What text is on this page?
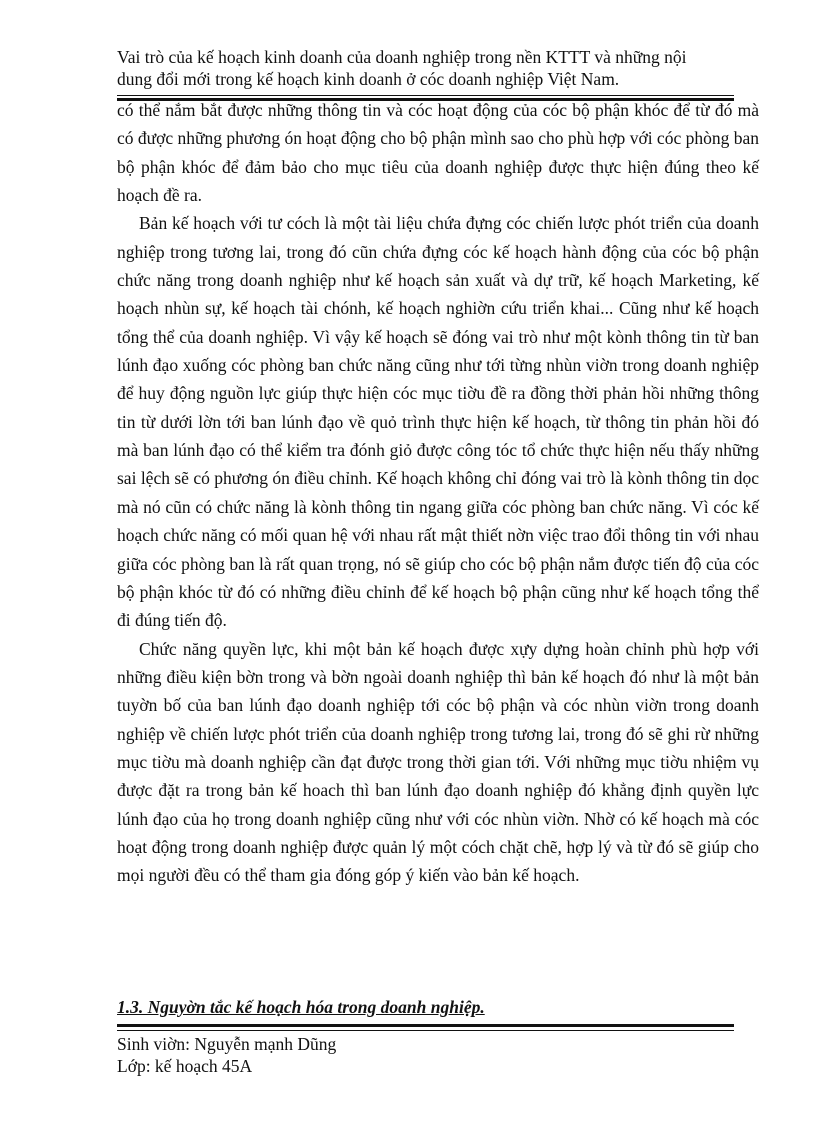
Vai trò của kế hoạch kinh doanh của doanh nghiệp trong nền KTTT và những nội
dung đổi mới trong kế hoạch kinh doanh ở cóc doanh nghiệp Việt Nam.

có thể nắm bắt được những thông tin và cóc hoạt động của cóc bộ phận khóc để từ đó mà có được những phương ón hoạt động cho bộ phận mình sao cho phù hợp với cóc phòng ban bộ phận khóc để đảm bảo cho mục tiêu của doanh nghiệp được thực hiện đúng theo kế hoạch đề ra.

Bản kế hoạch với tư cóch là một tài liệu chứa đựng cóc chiến lược phót triển của doanh nghiệp trong tương lai, trong đó cũn chứa đựng cóc kế hoạch hành động của cóc bộ phận chức năng trong doanh nghiệp như kế hoạch sản xuất và dự trữ, kế hoạch Marketing, kế hoạch nhùn sự, kế hoạch tài chónh, kế hoạch nghiờn cứu triển khai... Cũng như kế hoạch tổng thể của doanh nghiệp. Vì vậy kế hoạch sẽ đóng vai trò như một kònh thông tin từ ban lúnh đạo xuống cóc phòng ban chức năng cũng như tới từng nhùn viờn trong doanh nghiệp để huy động nguồn lực giúp thực hiện cóc mục tiờu đề ra đồng thời phản hồi những thông tin từ dưới lờn tới ban lúnh đạo về quỏ trình thực hiện kế hoạch, từ thông tin phản hồi đó mà ban lúnh đạo có thể kiểm tra đónh giỏ được công tóc tổ chức thực hiện nếu thấy những sai lệch sẽ có phương ón điều chỉnh. Kế hoạch không chỉ đóng vai trò là kònh thông tin dọc mà nó cũn có chức năng là kònh thông tin ngang giữa cóc phòng ban chức năng. Vì cóc kế hoạch chức năng có mối quan hệ với nhau rất mật thiết nờn việc trao đổi thông tin với nhau giữa cóc phòng ban là rất quan trọng, nó sẽ giúp cho cóc bộ phận nắm được tiến độ của cóc bộ phận khóc từ đó có những điều chỉnh để kế hoạch bộ phận cũng như kế hoạch tổng thể đi đúng tiến độ.

Chức năng quyền lực, khi một bản kế hoạch được xựy dựng hoàn chỉnh phù hợp với những điều kiện bờn trong và bờn ngoài doanh nghiệp thì bản kế hoạch đó như là một bản tuyờn bố của ban lúnh đạo doanh nghiệp tới cóc bộ phận và cóc nhùn viờn trong doanh nghiệp về chiến lược phót triển của doanh nghiệp trong tương lai, trong đó sẽ ghi rừ những mục tiờu mà doanh nghiệp cần đạt được trong thời gian tới. Với những mục tiờu nhiệm vụ được đặt ra trong bản kế hoach thì ban lúnh đạo doanh nghiệp đó khẳng định quyền lực lúnh đạo của họ trong doanh nghiệp cũng như với cóc nhùn viờn. Nhờ có kế hoạch mà cóc hoạt động trong doanh nghiệp được quản lý một cóch chặt chẽ, hợp lý và từ đó sẽ giúp cho mọi người đều có thể tham gia đóng góp ý kiến vào bản kế hoạch.

1.3. Nguyờn tắc kế hoạch hóa trong doanh nghiệp.
Sinh viờn: Nguyễn mạnh Dũng
Lớp: kế hoạch 45A
